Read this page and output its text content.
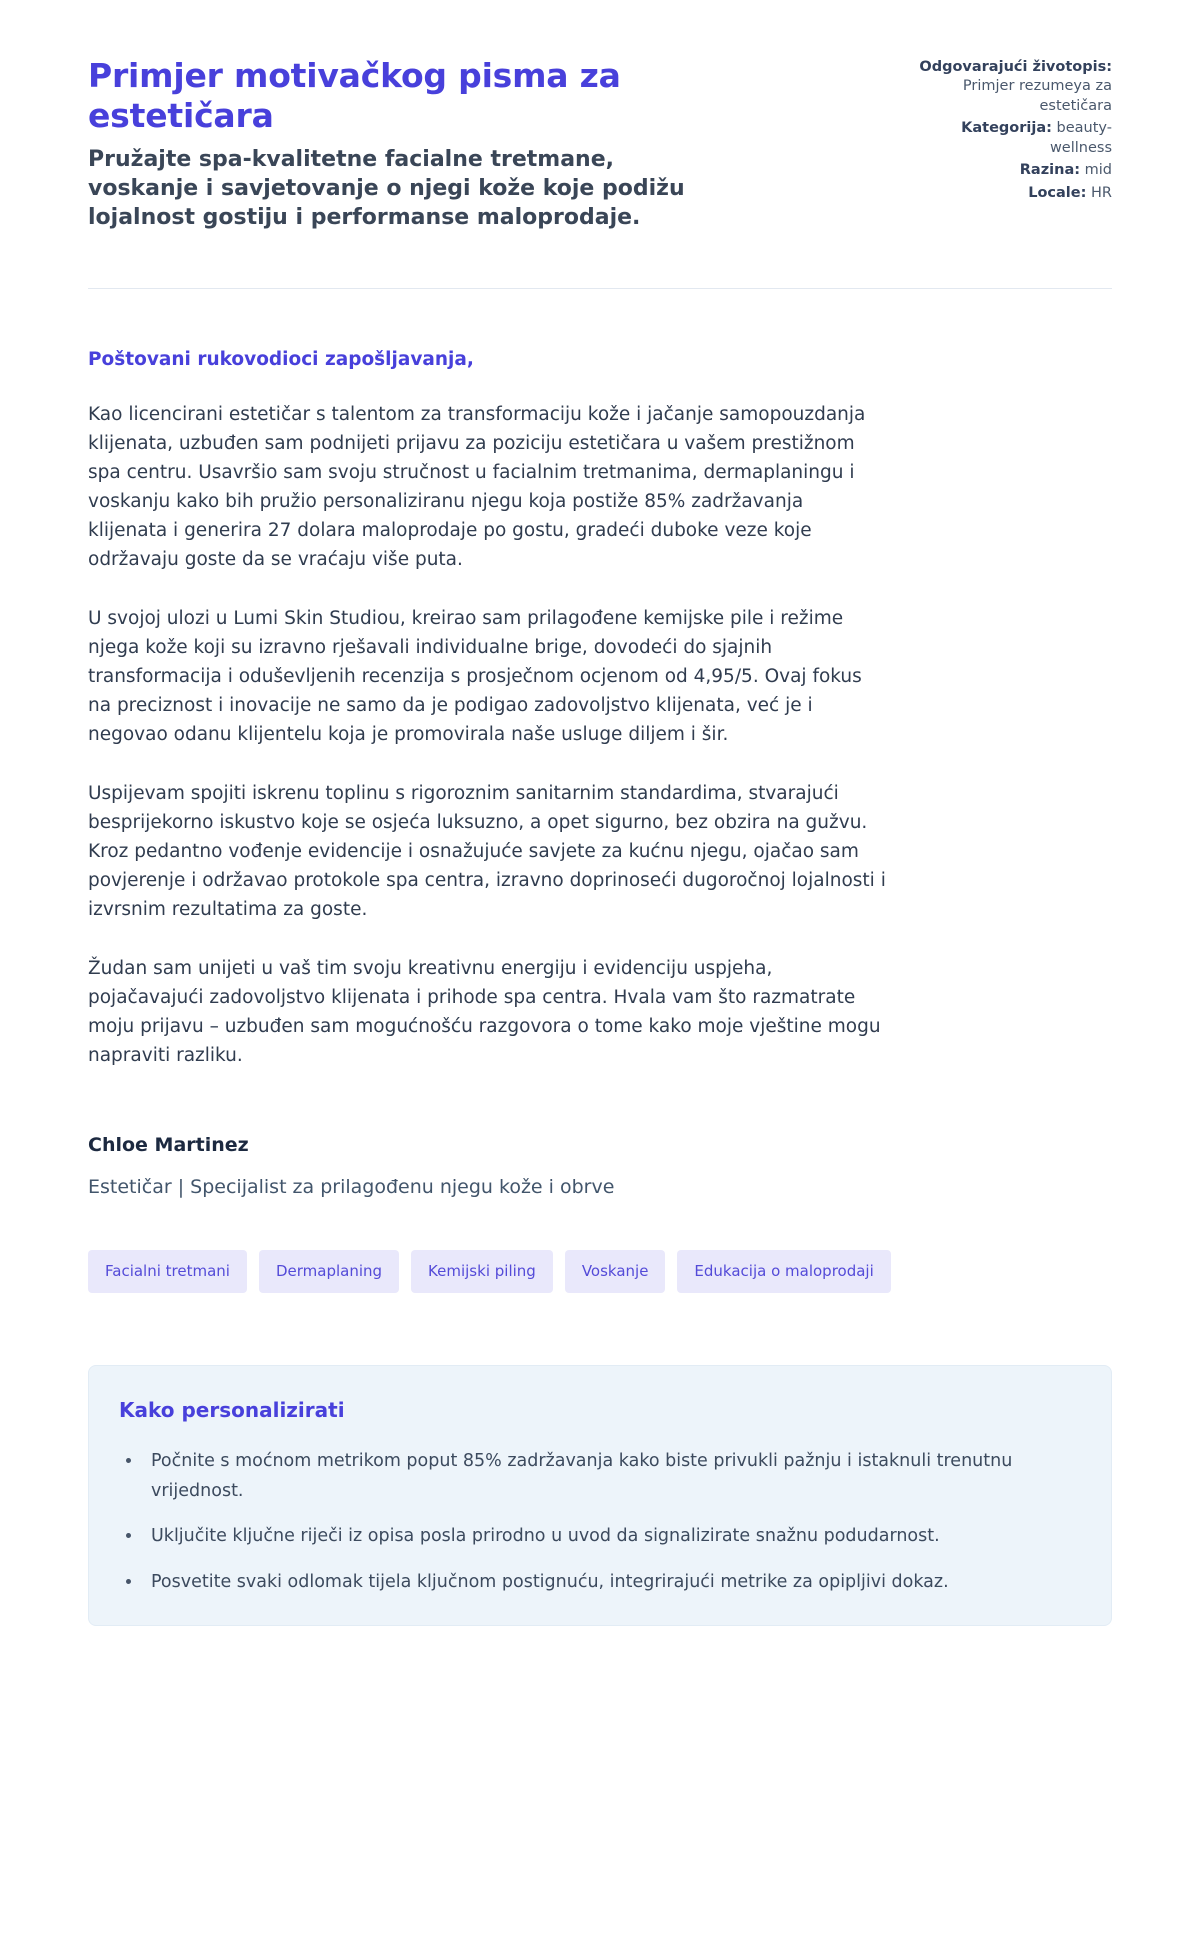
Primjer motivačkog pisma za estetičara

Pružajte spa-kvalitetne facialne tretmane, voskanje i savjetovanje o njegi kože koje podižu lojalnost gostiju i performanse maloprodaje.

Odgovarajući životopis: Primjer rezumeya za estetičara
Kategorija: beauty-wellness
Razina: mid
Locale: HR

Poštovani rukovodioci zapošljavanja,

Kao licencirani estetičar s talentom za transformaciju kože i jačanje samopouzdanja klijenata, uzbuđen sam podnijeti prijavu za poziciju estetičara u vašem prestižnom spa centru. Usavršio sam svoju stručnost u facialnim tretmanima, dermaplaningu i voskanju kako bih pružio personaliziranu njegu koja postiže 85% zadržavanja klijenata i generira 27 dolara maloprodaje po gostu, gradeći duboke veze koje održavaju goste da se vraćaju više puta.

U svojoj ulozi u Lumi Skin Studiou, kreirao sam prilagođene kemijske pile i režime njega kože koji su izravno rješavali individualne brige, dovodeći do sjajnih transformacija i oduševljenih recenzija s prosječnom ocjenom od 4,95/5. Ovaj fokus na preciznost i inovacije ne samo da je podigao zadovoljstvo klijenata, već je i negovao odanu klijentelu koja je promovirala naše usluge diljem i šir.

Uspijevam spojiti iskrenu toplinu s rigoroznim sanitarnim standardima, stvarajući besprijekorno iskustvo koje se osjeća luksuzno, a opet sigurno, bez obzira na gužvu. Kroz pedantno vođenje evidencije i osnažujuće savjete za kućnu njegu, ojačao sam povjerenje i održavao protokole spa centra, izravno doprinoseći dugoročnoj lojalnosti i izvrsnim rezultatima za goste.

Žudan sam unijeti u vaš tim svoju kreativnu energiju i evidenciju uspjeha, pojačavajući zadovoljstvo klijenata i prihode spa centra. Hvala vam što razmatrate moju prijavu – uzbuđen sam mogućnošću razgovora o tome kako moje vještine mogu napraviti razliku.

Chloe Martinez

Estetičar | Specijalist za prilagođenu njegu kože i obrve

Facialni tretmani	Dermaplaning	Kemijski piling	Voskanje	Edukacija o maloprodaji
Kako personalizirati
• Počnite s moćnom metrikom poput 85% zadržavanja kako biste privukli pažnju i istaknuli trenutnu vrijednost.
• Uključite ključne riječi iz opisa posla prirodno u uvod da signalizirate snažnu podudarnost.
• Posvetite svaki odlomak tijela ključnom postignuću, integrirajući metrike za opipljivi dokaz.
